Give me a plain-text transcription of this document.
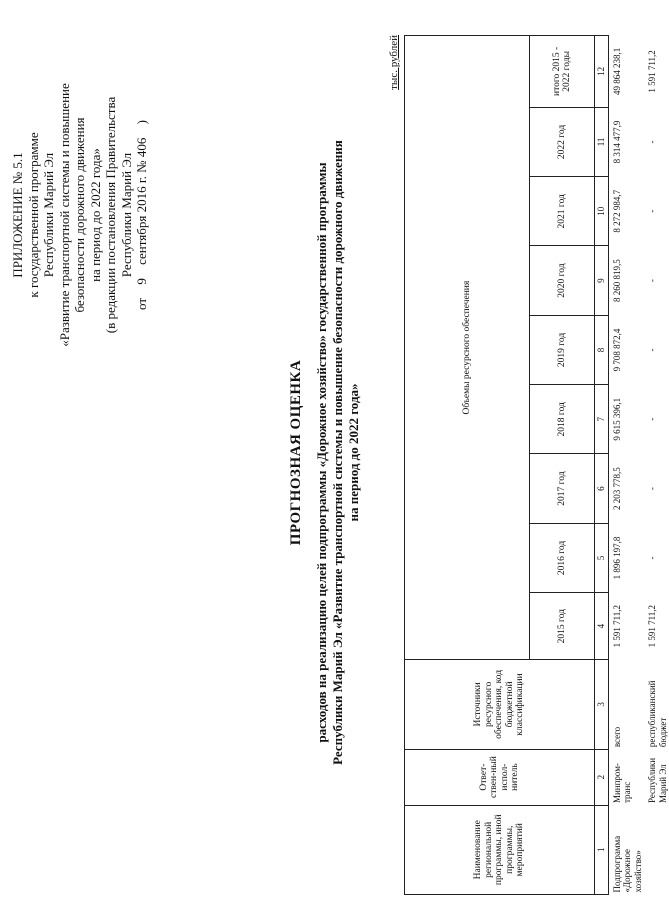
ПРИЛОЖЕНИЕ № 5.1 к государственной программе Республики Марий Эл «Развитие транспортной системы и повышение безопасности дорожного движения на период до 2022 года» (в редакции постановления Правительства Республики Марий Эл
от 9 сентября 2016 г. № 406 )
ПРОГНОЗНАЯ ОЦЕНКА расходов на реализацию целей подпрограммы «Дорожное хозяйство» государственной программы Республики Марий Эл «Развитие транспортной системы и повышение безопасности дорожного движения на период до 2022 года»
тыс. рублей
Наименование региональной программы, иной программы, мероприятий	Ответ-ствен-ный испол-нитель	Источники ресурсного обеспечения, код бюджетной классификации	Объемы ресурсного обеспечения								
			2015 год	2016 год	2017 год	2018 год	2019 год	2020 год	2021 год	2022 год	итого 2015 - 2022 годы
1	2	3	4	5	6	7	8	9	10	11	12
Подпрограмма «Дорожное хозяйство»	Минпром-транс	всего	1 591 711,2	1 896 197,8	2 203 778,5	9 615 396,1	9 708 872,4	8 260 819,5	8 272 984,7	8 314 477,9	49 864 238,1
	Республики Марий Эл	республиканский бюджет	1 591 711,2	-	-	-	-	-	-	-	1 591 711,2
